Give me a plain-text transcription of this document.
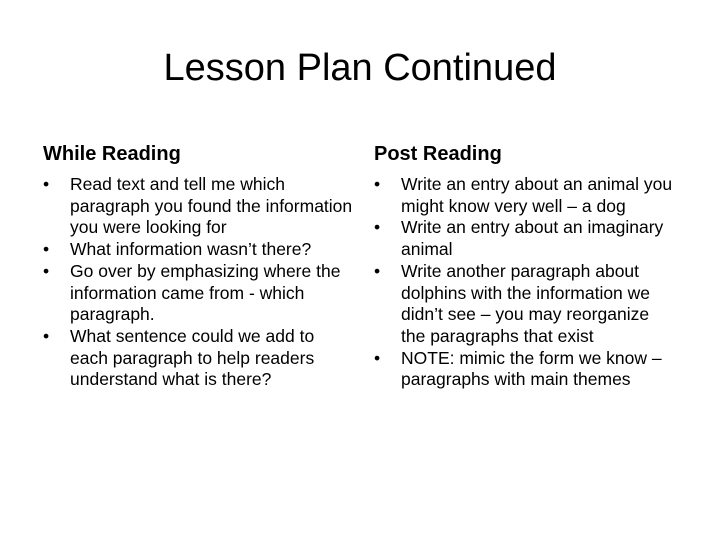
Lesson Plan Continued
While Reading
•	Read text and tell me which paragraph you found the information you were looking for
•	What information wasn’t there?
•	Go over by emphasizing where the information came from - which paragraph.
•	What sentence could we add to each paragraph to help readers understand what is there?
Post Reading
•	Write an entry about an animal you might know very well – a dog
•	Write an entry about an imaginary animal
•	Write another paragraph about dolphins with the information we didn’t see – you may reorganize the paragraphs that exist
•	NOTE: mimic the form we know – paragraphs with main themes
